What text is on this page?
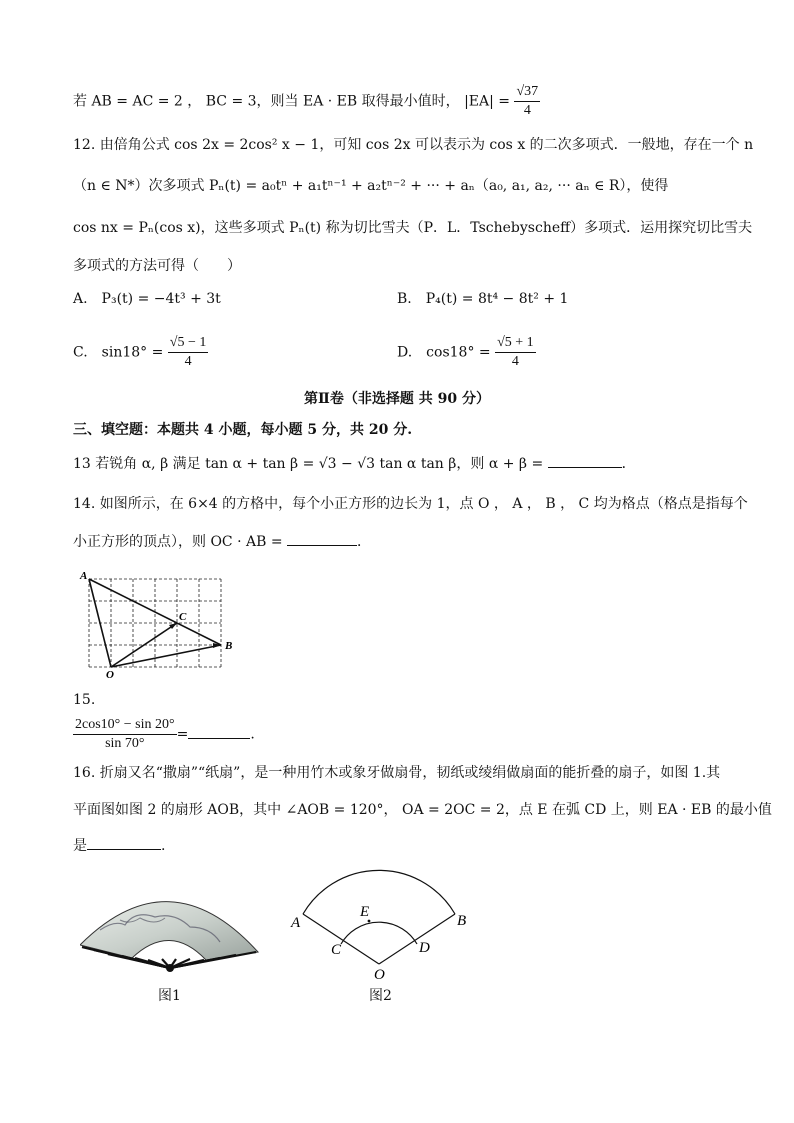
若 AB = AC = 2 ， BC = 3，则当 EA · EB 取得最小值时， $|EA| = \frac{√37}{4}$
12. 由倍角公式 cos 2x = 2cos² x − 1，可知 cos 2x 可以表示为 cos x 的二次多项式．一般地，存在一个 n
（n ∈ N*）次多项式 Pₙ(t) = a₀tⁿ + a₁tⁿ⁻¹ + a₂tⁿ⁻² + ··· + aₙ（a₀, a₁, a₂, ··· aₙ ∈ R），使得
cos nx = Pₙ(cos x)，这些多项式 Pₙ(t) 称为切比雪夫（P．L．Tschebyscheff）多项式．运用探究切比雪夫
多项式的方法可得（　　）
A.　P₃(t) = −4t³ + 3t	B.　P₄(t) = 8t⁴ − 8t² + 1
C.　$\sin 18^\circ = \frac{√5 - 1}{4}$	D.　$\cos 18^\circ = \frac{√5 + 1}{4}$
第Ⅱ卷（非选择题 共 90 分）
三、填空题：本题共 4 小题，每小题 5 分，共 20 分.
13 若锐角 α, β 满足 tan α + tan β = √3 − √3 tan α tan β，则 α + β =	．
14. 如图所示，在 6×4 的方格中，每个小正方形的边长为 1，点 O ， A ， B ， C 均为格点（格点是指每个
小正方形的顶点），则 OC · AB =	．
A
C
B
O
15.
$\frac{2\cos 10^\circ - \sin 20^\circ}{\sin 70^\circ}$ =	.
16. 折扇又名“撒扇”“纸扇”，是一种用竹木或象牙做扇骨，韧纸或绫绢做扇面的能折叠的扇子，如图 1.其
平面图如图 2 的扇形 AOB，其中 ∠AOB = 120°， OA = 2OC = 2，点 E 在弧 CD 上，则 EA · EB 的最小值
是	.
图1
A	B
C	D
E
O
图2
